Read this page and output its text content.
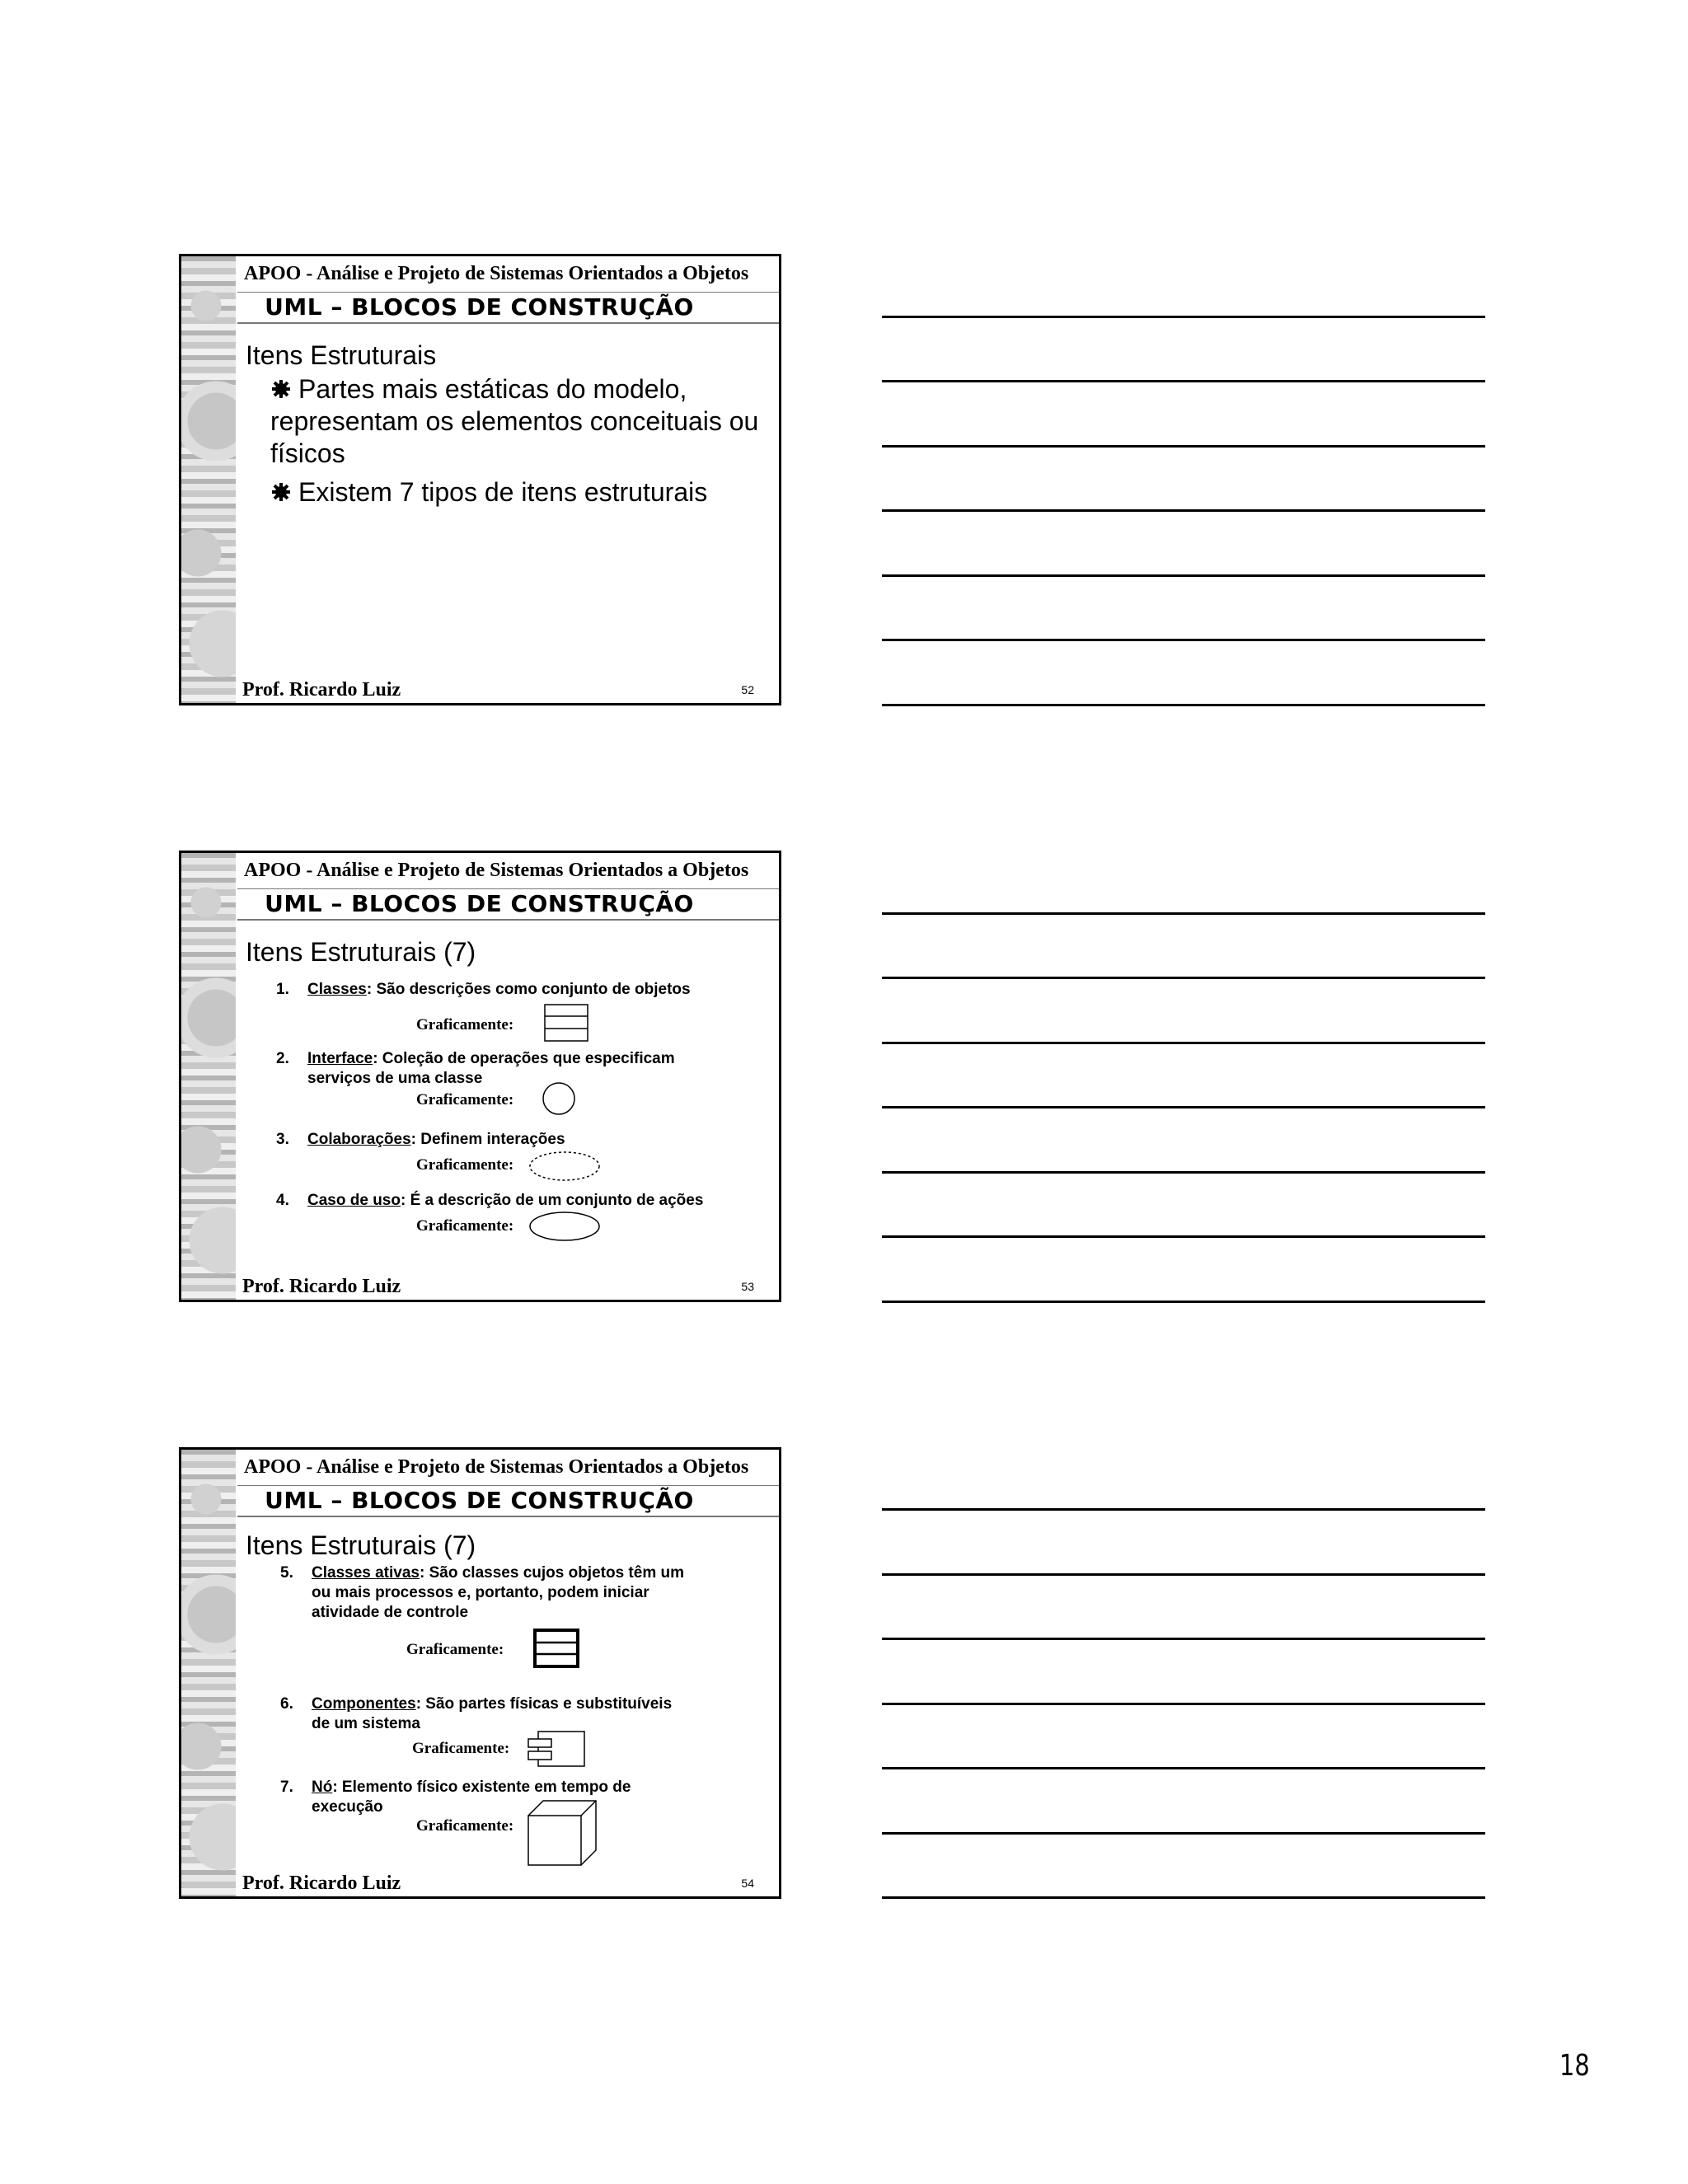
APOO - Análise e Projeto de Sistemas Orientados a Objetos
UML – BLOCOS DE CONSTRUÇÃO
Itens Estruturais
Partes mais estáticas do modelo, representam os elementos conceituais ou físicos
Existem 7 tipos de itens estruturais
Prof. Ricardo Luiz	52
APOO - Análise e Projeto de Sistemas Orientados a Objetos
UML – BLOCOS DE CONSTRUÇÃO
Itens Estruturais (7)
1. Classes: São descrições como conjunto de objetos
Graficamente:
2. Interface: Coleção de operações que especificam
serviços de uma classe
Graficamente:
3. Colaborações: Definem interações
Graficamente:
4. Caso de uso: É a descrição de um conjunto de ações
Graficamente:
Prof. Ricardo Luiz	53
APOO - Análise e Projeto de Sistemas Orientados a Objetos
UML – BLOCOS DE CONSTRUÇÃO
Itens Estruturais (7)
5. Classes ativas: São classes cujos objetos têm um
ou mais processos e, portanto, podem iniciar
atividade de controle
Graficamente:
6. Componentes: São partes físicas e substituíveis
de um sistema
Graficamente:
7. Nó: Elemento físico existente em tempo de
execução
Graficamente:
Prof. Ricardo Luiz	54
18
